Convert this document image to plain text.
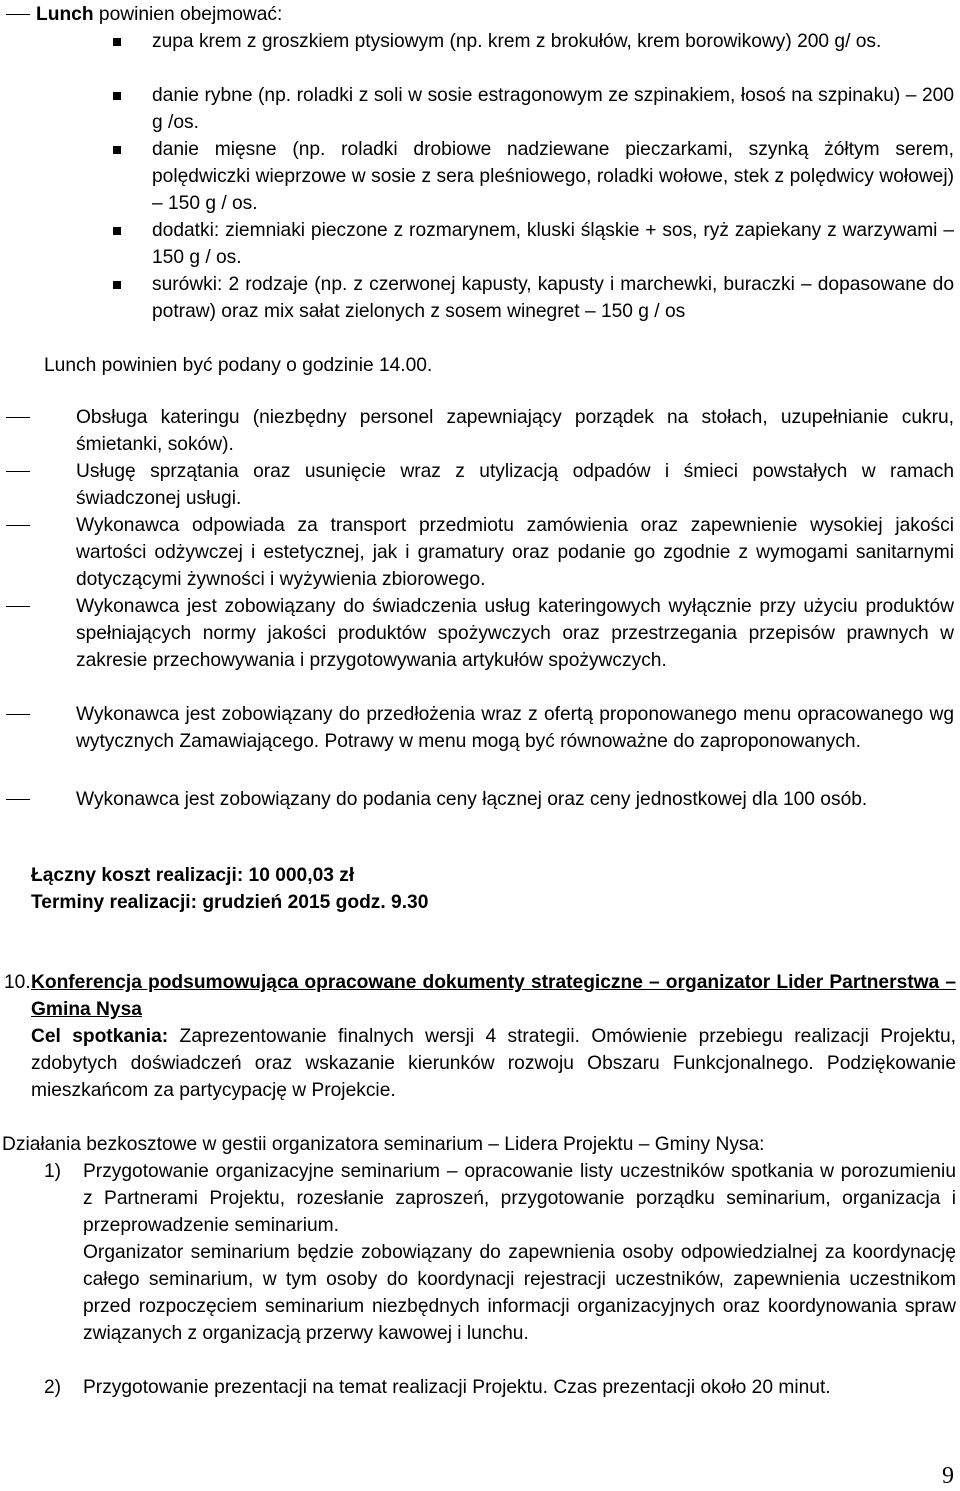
Lunch powinien obejmować:
zupa krem z groszkiem ptysiowym (np. krem z brokułów, krem borowikowy) 200 g/ os.
danie rybne (np. roladki z soli w sosie estragonowym ze szpinakiem, łosoś na szpinaku) – 200 g /os.
danie mięsne (np. roladki drobiowe nadziewane pieczarkami, szynką żółtym serem, polędwiczki wieprzowe w sosie z sera pleśniowego, roladki wołowe, stek z polędwicy wołowej) – 150 g / os.
dodatki: ziemniaki pieczone z rozmarynem, kluski śląskie + sos, ryż zapiekany z warzywami – 150 g / os.
surówki: 2 rodzaje (np. z czerwonej kapusty, kapusty i marchewki, buraczki – dopasowane do potraw) oraz mix sałat zielonych z sosem winegret – 150 g / os
Lunch powinien być podany o godzinie 14.00.
Obsługa kateringu (niezbędny personel zapewniający porządek na stołach, uzupełnianie cukru, śmietanki, soków).
Usługę sprzątania oraz usunięcie wraz z utylizacją odpadów i śmieci powstałych w ramach świadczonej usługi.
Wykonawca odpowiada za transport przedmiotu zamówienia oraz zapewnienie wysokiej jakości wartości odżywczej i estetycznej, jak i gramatury oraz podanie go zgodnie z wymogami sanitarnymi dotyczącymi żywności i wyżywienia zbiorowego.
Wykonawca jest zobowiązany do świadczenia usług kateringowych wyłącznie przy użyciu produktów spełniających normy jakości produktów spożywczych oraz przestrzegania przepisów prawnych w zakresie przechowywania i przygotowywania artykułów spożywczych.
Wykonawca jest zobowiązany do przedłożenia wraz z ofertą proponowanego menu opracowanego wg wytycznych Zamawiającego. Potrawy w menu mogą być równoważne do zaproponowanych.
Wykonawca jest zobowiązany do podania ceny łącznej oraz ceny jednostkowej dla 100 osób.
Łączny koszt realizacji: 10 000,03 zł
Terminy realizacji: grudzień 2015 godz. 9.30
10. Konferencja podsumowująca opracowane dokumenty strategiczne – organizator Lider Partnerstwa – Gmina Nysa
Cel spotkania: Zaprezentowanie finalnych wersji 4 strategii. Omówienie przebiegu realizacji Projektu, zdobytych doświadczeń oraz wskazanie kierunków rozwoju Obszaru Funkcjonalnego. Podziękowanie mieszkańcom za partycypację w Projekcie.
Działania bezkosztowe w gestii organizatora seminarium – Lidera Projektu – Gminy Nysa:
1)	Przygotowanie organizacyjne seminarium – opracowanie listy uczestników spotkania w porozumieniu z Partnerami Projektu, rozesłanie zaproszeń, przygotowanie porządku seminarium, organizacja i przeprowadzenie seminarium.
Organizator seminarium będzie zobowiązany do zapewnienia osoby odpowiedzialnej za koordynację całego seminarium, w tym osoby do koordynacji rejestracji uczestników, zapewnienia uczestnikom przed rozpoczęciem seminarium niezbędnych informacji organizacyjnych oraz koordynowania spraw związanych z organizacją przerwy kawowej i lunchu.
2)	Przygotowanie prezentacji na temat realizacji Projektu. Czas prezentacji około 20 minut.
9
